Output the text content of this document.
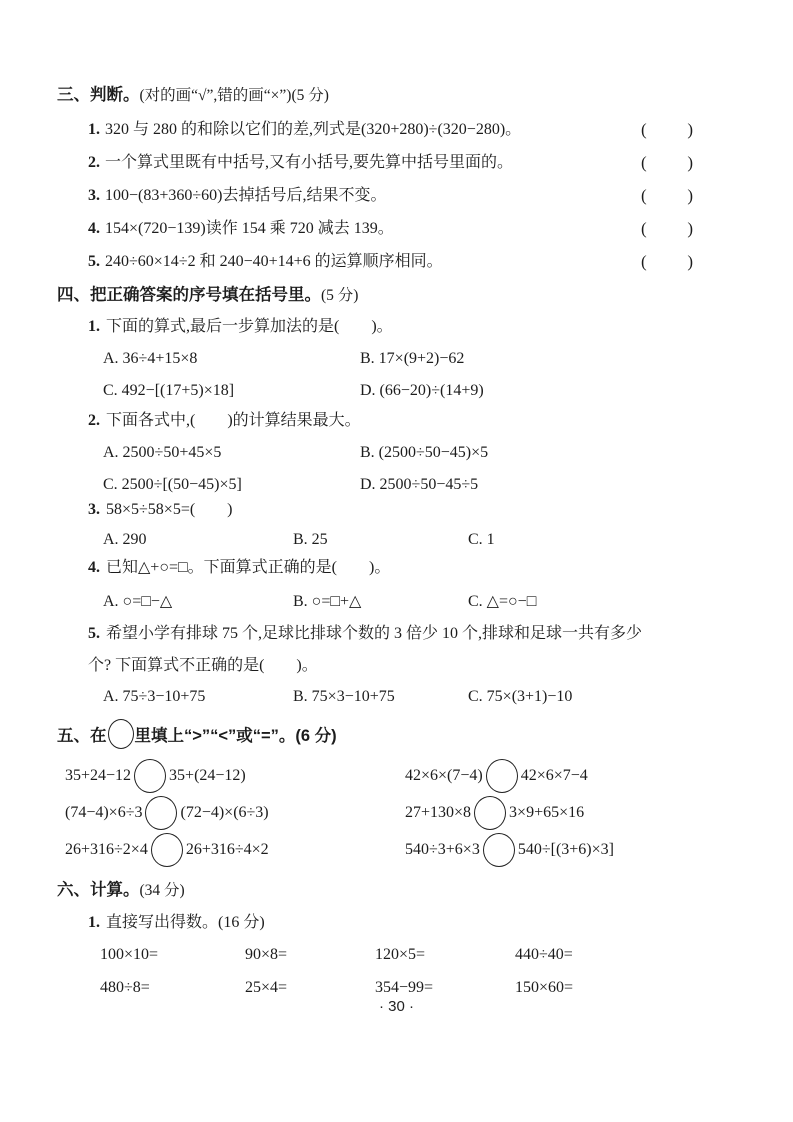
三、判断。(对的画“√”,错的画“×”)(5 分)
1. 320 与 280 的和除以它们的差,列式是(320+280)÷(320−280)。	( )
2. 一个算式里既有中括号,又有小括号,要先算中括号里面的。	( )
3. 100−(83+360÷60)去掉括号后,结果不变。	( )
4. 154×(720−139)读作 154 乘 720 减去 139。	( )
5. 240÷60×14÷2 和 240−40+14+6 的运算顺序相同。	( )
四、把正确答案的序号填在括号里。(5 分)
1. 下面的算式,最后一步算加法的是(        )。
A. 36÷4+15×8	B. 17×(9+2)−62
C. 492−[(17+5)×18]	D. (66−20)÷(14+9)
2. 下面各式中,(        )的计算结果最大。
A. 2500÷50+45×5	B. (2500÷50−45)×5
C. 2500÷[(50−45)×5]	D. 2500÷50−45÷5
3. 58×5÷58×5=(        )
A. 290	B. 25	C. 1
4. 已知△+○=□。下面算式正确的是(        )。
A. ○=□−△	B. ○=□+△	C. △=○−□
5. 希望小学有排球 75 个,足球比排球个数的 3 倍少 10 个,排球和足球一共有多少
个? 下面算式不正确的是(        )。
A. 75÷3−10+75	B. 75×3−10+75	C. 75×(3+1)−10
五、在 里填上“>”“<”或“=”。(6 分)
35+24−12 35+(24−12)	42×6×(7−4) 42×6×7−4
(74−4)×6÷3 (72−4)×(6÷3)	27+130×8 3×9+65×16
26+316÷2×4 26+316÷4×2	540÷3+6×3 540÷[(3+6)×3]
六、计算。(34 分)
1. 直接写出得数。(16 分)
100×10=	90×8=	120×5=	440÷40=
480÷8=	25×4=	354−99=	150×60=
· 30 ·
